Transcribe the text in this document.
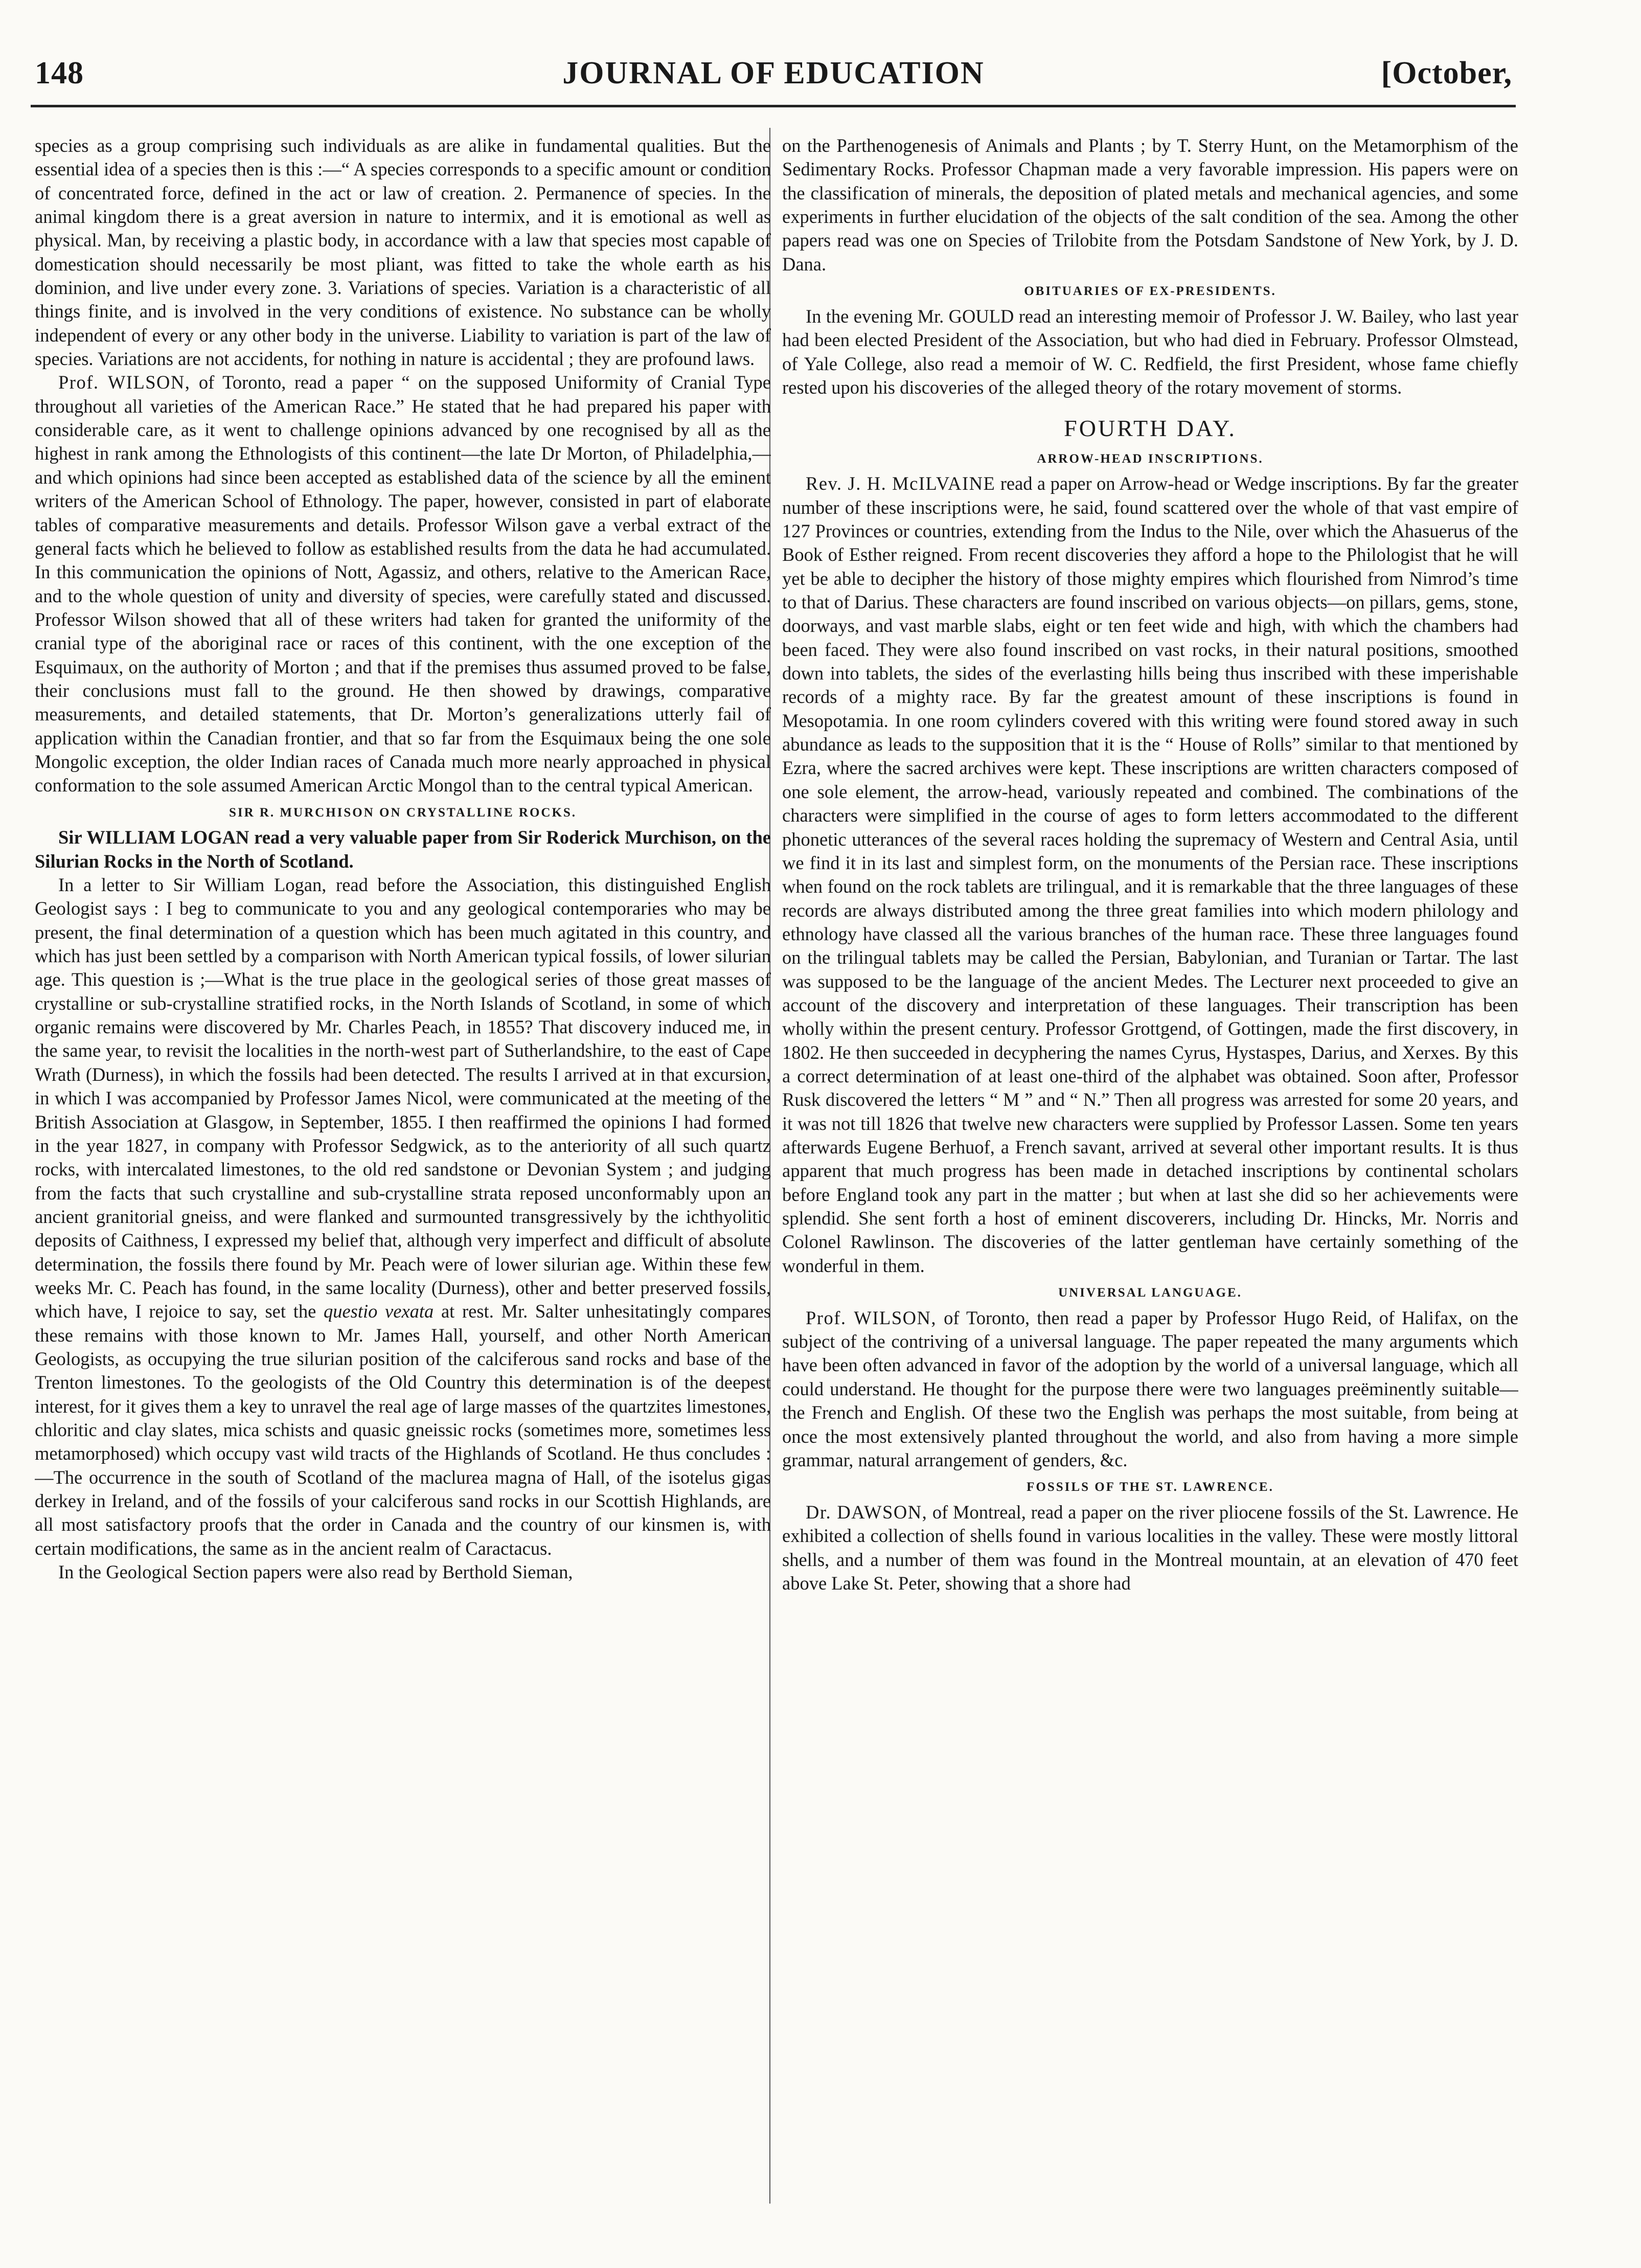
148	JOURNAL OF EDUCATION	[October,

species as a group comprising such individuals as are alike in fundamental qualities. But the essential idea of a species then is this :—“ A species corresponds to a specific amount or condition of concentrated force, defined in the act or law of creation. 2. Permanence of species. In the animal kingdom there is a great aversion in nature to intermix, and it is emotional as well as physical. Man, by receiving a plastic body, in accordance with a law that species most capable of domestication should necessarily be most pliant, was fitted to take the whole earth as his dominion, and live under every zone. 3. Variations of species. Variation is a characteristic of all things finite, and is involved in the very conditions of existence. No substance can be wholly independent of every or any other body in the universe. Liability to variation is part of the law of species. Variations are not accidents, for nothing in nature is accidental ; they are profound laws.

Prof. WILSON, of Toronto, read a paper “ on the supposed Uniformity of Cranial Type throughout all varieties of the American Race.” He stated that he had prepared his paper with considerable care, as it went to challenge opinions advanced by one recognised by all as the highest in rank among the Ethnologists of this continent—the late Dr Morton, of Philadelphia,—and which opinions had since been accepted as established data of the science by all the eminent writers of the American School of Ethnology. The paper, however, consisted in part of elaborate tables of comparative measurements and details. Professor Wilson gave a verbal extract of the general facts which he believed to follow as established results from the data he had accumulated. In this communication the opinions of Nott, Agassiz, and others, relative to the American Race, and to the whole question of unity and diversity of species, were carefully stated and discussed. Professor Wilson showed that all of these writers had taken for granted the uniformity of the cranial type of the aboriginal race or races of this continent, with the one exception of the Esquimaux, on the authority of Morton ; and that if the premises thus assumed proved to be false, their conclusions must fall to the ground. He then showed by drawings, comparative measurements, and detailed statements, that Dr. Morton’s generalizations utterly fail of application within the Canadian frontier, and that so far from the Esquimaux being the one sole Mongolic exception, the older Indian races of Canada much more nearly approached in physical conformation to the sole assumed American Arctic Mongol than to the central typical American.

SIR R. MURCHISON ON CRYSTALLINE ROCKS.

Sir WILLIAM LOGAN read a very valuable paper from Sir Roderick Murchison, on the Silurian Rocks in the North of Scotland.

In a letter to Sir William Logan, read before the Association, this distinguished English Geologist says : I beg to communicate to you and any geological contemporaries who may be present, the final determination of a question which has been much agitated in this country, and which has just been settled by a comparison with North American typical fossils, of lower silurian age. This question is ;—What is the true place in the geological series of those great masses of crystalline or sub-crystalline stratified rocks, in the North Islands of Scotland, in some of which organic remains were discovered by Mr. Charles Peach, in 1855? That discovery induced me, in the same year, to revisit the localities in the north-west part of Sutherlandshire, to the east of Cape Wrath (Durness), in which the fossils had been detected. The results I arrived at in that excursion, in which I was accompanied by Professor James Nicol, were communicated at the meeting of the British Association at Glasgow, in September, 1855. I then reaffirmed the opinions I had formed in the year 1827, in company with Professor Sedgwick, as to the anteriority of all such quartz rocks, with intercalated limestones, to the old red sandstone or Devonian System ; and judging from the facts that such crystalline and sub-crystalline strata reposed unconformably upon an ancient granitorial gneiss, and were flanked and surmounted transgressively by the ichthyolitic deposits of Caithness, I expressed my belief that, although very imperfect and difficult of absolute determination, the fossils there found by Mr. Peach were of lower silurian age. Within these few weeks Mr. C. Peach has found, in the same locality (Durness), other and better preserved fossils, which have, I rejoice to say, set the questio vexata at rest. Mr. Salter unhesitatingly compares these remains with those known to Mr. James Hall, yourself, and other North American Geologists, as occupying the true silurian position of the calciferous sand rocks and base of the Trenton limestones. To the geologists of the Old Country this determination is of the deepest interest, for it gives them a key to unravel the real age of large masses of the quartzites limestones, chloritic and clay slates, mica schists and quasic gneissic rocks (sometimes more, sometimes less metamorphosed) which occupy vast wild tracts of the Highlands of Scotland. He thus concludes :—The occurrence in the south of Scotland of the maclurea magna of Hall, of the isotelus gigas derkey in Ireland, and of the fossils of your calciferous sand rocks in our Scottish Highlands, are all most satisfactory proofs that the order in Canada and the country of our kinsmen is, with certain modifications, the same as in the ancient realm of Caractacus.

In the Geological Section papers were also read by Berthold Sieman,

on the Parthenogenesis of Animals and Plants ; by T. Sterry Hunt, on the Metamorphism of the Sedimentary Rocks. Professor Chapman made a very favorable impression. His papers were on the classification of minerals, the deposition of plated metals and mechanical agencies, and some experiments in further elucidation of the objects of the salt condition of the sea. Among the other papers read was one on Species of Trilobite from the Potsdam Sandstone of New York, by J. D. Dana.

OBITUARIES OF EX-PRESIDENTS.

In the evening Mr. GOULD read an interesting memoir of Professor J. W. Bailey, who last year had been elected President of the Association, but who had died in February. Professor Olmstead, of Yale College, also read a memoir of W. C. Redfield, the first President, whose fame chiefly rested upon his discoveries of the alleged theory of the rotary movement of storms.

FOURTH DAY.
ARROW-HEAD INSCRIPTIONS.

Rev. J. H. McILVAINE read a paper on Arrow-head or Wedge inscriptions. By far the greater number of these inscriptions were, he said, found scattered over the whole of that vast empire of 127 Provinces or countries, extending from the Indus to the Nile, over which the Ahasuerus of the Book of Esther reigned. From recent discoveries they afford a hope to the Philologist that he will yet be able to decipher the history of those mighty empires which flourished from Nimrod’s time to that of Darius. These characters are found inscribed on various objects—on pillars, gems, stone, doorways, and vast marble slabs, eight or ten feet wide and high, with which the chambers had been faced. They were also found inscribed on vast rocks, in their natural positions, smoothed down into tablets, the sides of the everlasting hills being thus inscribed with these imperishable records of a mighty race. By far the greatest amount of these inscriptions is found in Mesopotamia. In one room cylinders covered with this writing were found stored away in such abundance as leads to the supposition that it is the “ House of Rolls” similar to that mentioned by Ezra, where the sacred archives were kept. These inscriptions are written characters composed of one sole element, the arrow-head, variously repeated and combined. The combinations of the characters were simplified in the course of ages to form letters accommodated to the different phonetic utterances of the several races holding the supremacy of Western and Central Asia, until we find it in its last and simplest form, on the monuments of the Persian race. These inscriptions when found on the rock tablets are trilingual, and it is remarkable that the three languages of these records are always distributed among the three great families into which modern philology and ethnology have classed all the various branches of the human race. These three languages found on the trilingual tablets may be called the Persian, Babylonian, and Turanian or Tartar. The last was supposed to be the language of the ancient Medes. The Lecturer next proceeded to give an account of the discovery and interpretation of these languages. Their transcription has been wholly within the present century. Professor Grottgend, of Gottingen, made the first discovery, in 1802. He then succeeded in decyphering the names Cyrus, Hystaspes, Darius, and Xerxes. By this a correct determination of at least one-third of the alphabet was obtained. Soon after, Professor Rusk discovered the letters “ M ” and “ N.” Then all progress was arrested for some 20 years, and it was not till 1826 that twelve new characters were supplied by Professor Lassen. Some ten years afterwards Eugene Berhuof, a French savant, arrived at several other important results. It is thus apparent that much progress has been made in detached inscriptions by continental scholars before England took any part in the matter ; but when at last she did so her achievements were splendid. She sent forth a host of eminent discoverers, including Dr. Hincks, Mr. Norris and Colonel Rawlinson. The discoveries of the latter gentleman have certainly something of the wonderful in them.

UNIVERSAL LANGUAGE.

Prof. WILSON, of Toronto, then read a paper by Professor Hugo Reid, of Halifax, on the subject of the contriving of a universal language. The paper repeated the many arguments which have been often advanced in favor of the adoption by the world of a universal language, which all could understand. He thought for the purpose there were two languages preëminently suitable—the French and English. Of these two the English was perhaps the most suitable, from being at once the most extensively planted throughout the world, and also from having a more simple grammar, natural arrangement of genders, &c.

FOSSILS OF THE ST. LAWRENCE.

Dr. DAWSON, of Montreal, read a paper on the river pliocene fossils of the St. Lawrence. He exhibited a collection of shells found in various localities in the valley. These were mostly littoral shells, and a number of them was found in the Montreal mountain, at an elevation of 470 feet above Lake St. Peter, showing that a shore had
